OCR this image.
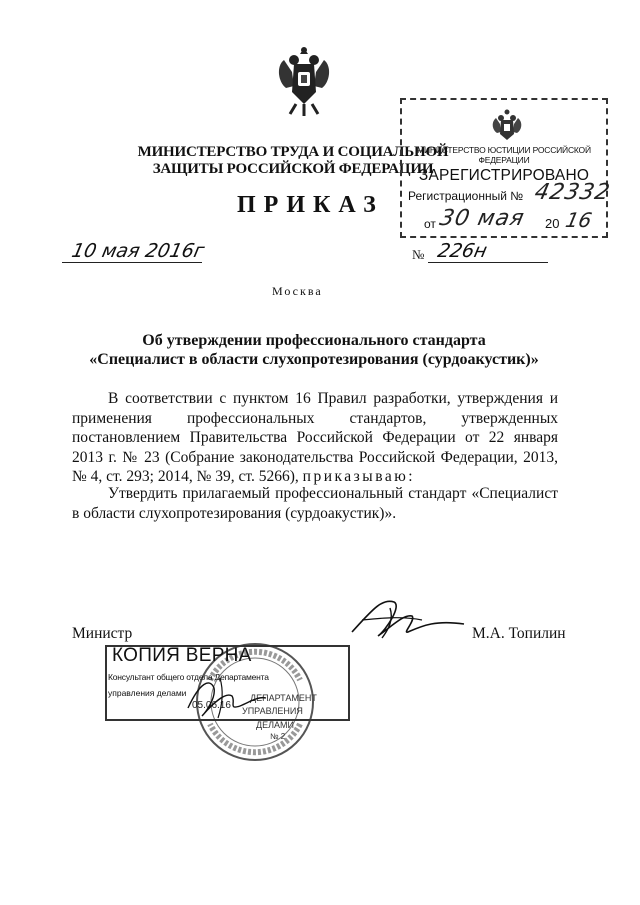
МИНИСТЕРСТВО ТРУДА И СОЦИАЛЬНОЙ ЗАЩИТЫ РОССИЙСКОЙ ФЕДЕРАЦИИ
МИНИСТЕРСТВО ЮСТИЦИИ РОССИЙСКОЙ ФЕДЕРАЦИИ
ЗАРЕГИСТРИРОВАНО
Регистрационный № 42332
от 30 мая 20 16
ПРИКАЗ
10 мая 2016г	№ 226н
Москва
Об утверждении профессионального стандарта
«Специалист в области слухопротезирования (сурдоакустик)»
В соответствии с пунктом 16 Правил разработки, утверждения и применения профессиональных стандартов, утвержденных постановлением Правительства Российской Федерации от 22 января 2013 г. № 23 (Собрание законодательства Российской Федерации, 2013, № 4, ст. 293; 2014, № 39, ст. 5266), приказываю:
Утвердить прилагаемый профессиональный стандарт «Специалист в области слухопротезирования (сурдоакустик)».
Министр	М.А. Топилин
КОПИЯ ВЕРНА
Консультант общего отдела Департамента
управления делами	ДЕПАРТАМЕНТ
УПРАВЛЕНИЯ
ДЕЛАМИ
№ 2
05.06.16
